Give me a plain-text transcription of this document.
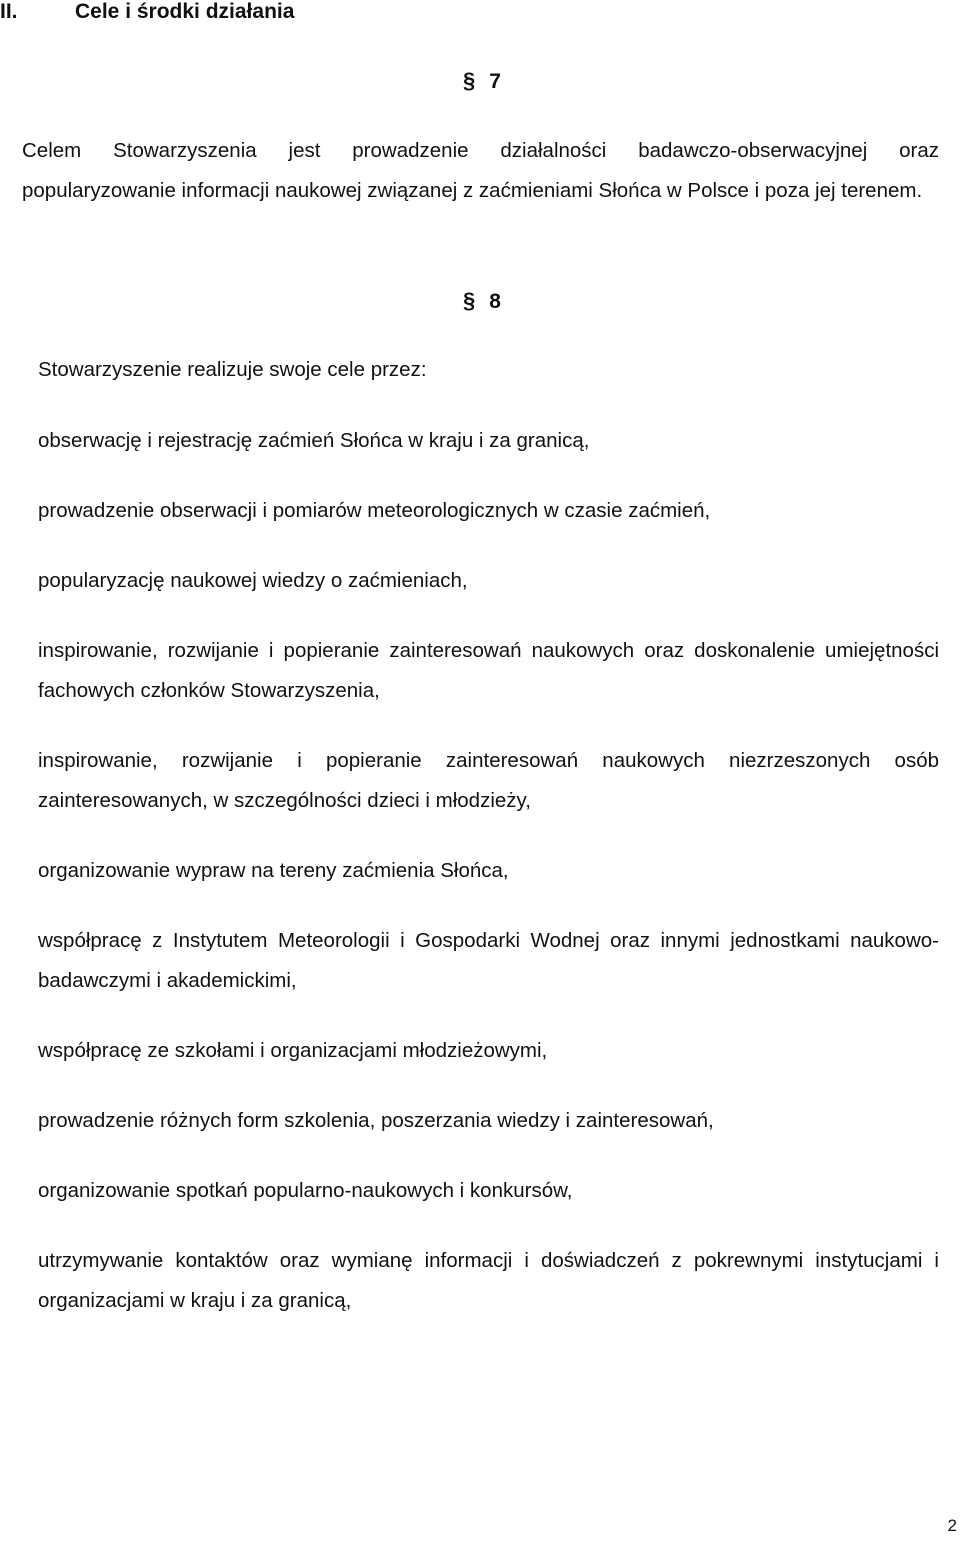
II.	Cele i środki działania
§ 7

Celem Stowarzyszenia jest prowadzenie działalności badawczo-obserwacyjnej oraz popularyzowanie informacji naukowej związanej z zaćmieniami Słońca w Polsce i poza jej terenem.

§ 8

Stowarzyszenie realizuje swoje cele przez:

obserwację i rejestrację zaćmień Słońca w kraju i za granicą,

prowadzenie obserwacji i pomiarów meteorologicznych w czasie zaćmień,

popularyzację naukowej wiedzy o zaćmieniach,

inspirowanie, rozwijanie i popieranie zainteresowań naukowych oraz doskonalenie umiejętności fachowych członków Stowarzyszenia,

inspirowanie, rozwijanie i popieranie zainteresowań naukowych niezrzeszonych osób zainteresowanych, w szczególności dzieci i młodzieży,

organizowanie wypraw na tereny zaćmienia Słońca,

współpracę z Instytutem Meteorologii i Gospodarki Wodnej oraz innymi jednostkami naukowo-badawczymi i akademickimi,

współpracę ze szkołami i organizacjami młodzieżowymi,

prowadzenie różnych form szkolenia, poszerzania wiedzy i zainteresowań,

organizowanie spotkań popularno-naukowych i konkursów,

utrzymywanie kontaktów oraz wymianę informacji i doświadczeń z pokrewnymi instytucjami i organizacjami w kraju i za granicą,

2
